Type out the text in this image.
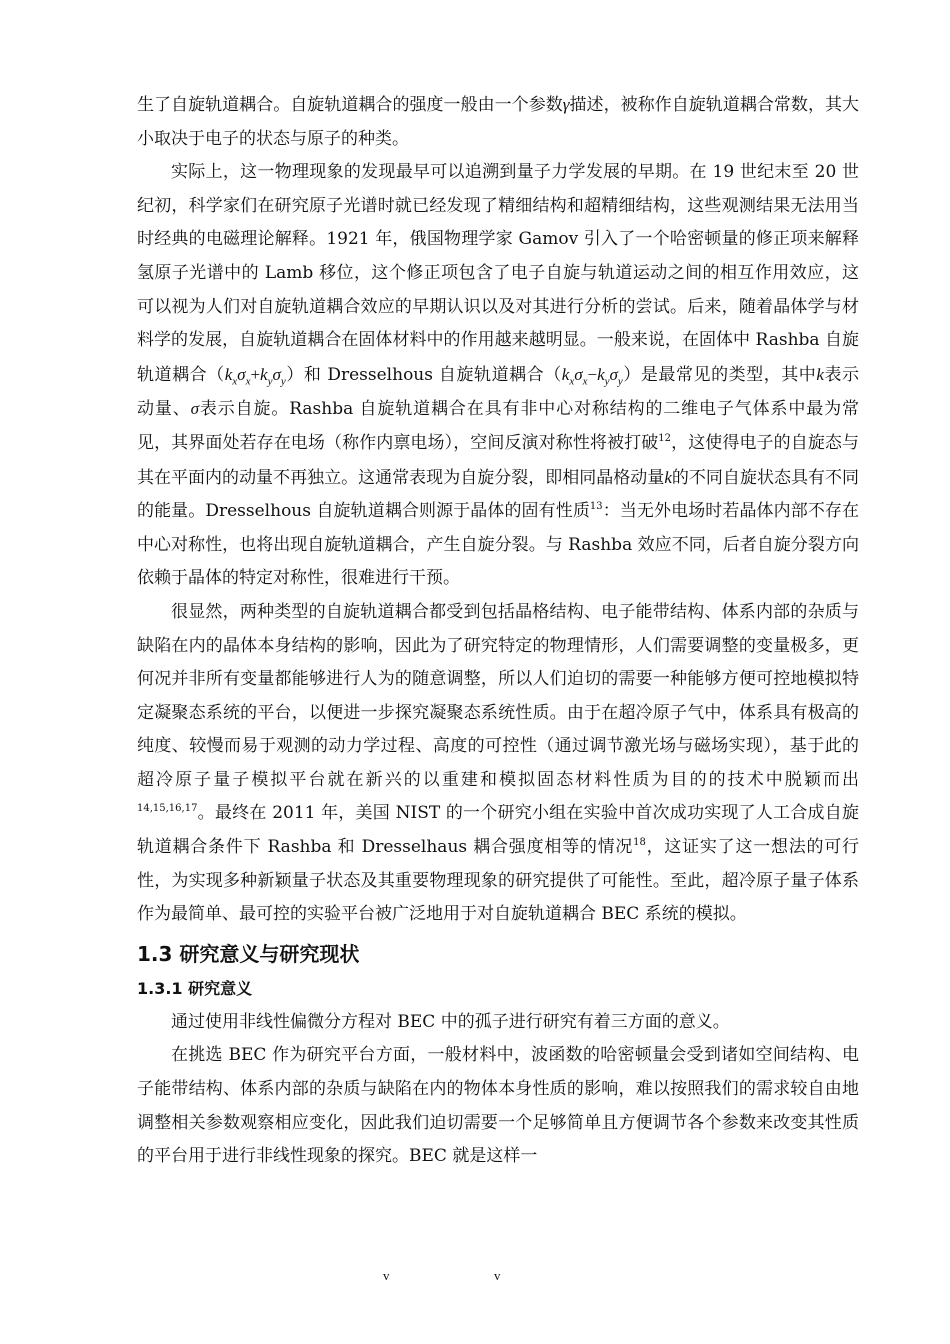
生了自旋轨道耦合。自旋轨道耦合的强度一般由一个参数γ描述，被称作自旋轨道耦合常数，其大小取决于电子的状态与原子的种类。

实际上，这一物理现象的发现最早可以追溯到量子力学发展的早期。在 19 世纪末至 20 世纪初，科学家们在研究原子光谱时就已经发现了精细结构和超精细结构，这些观测结果无法用当时经典的电磁理论解释。1921 年，俄国物理学家 Gamov 引入了一个哈密顿量的修正项来解释氢原子光谱中的 Lamb 移位，这个修正项包含了电子自旋与轨道运动之间的相互作用效应，这可以视为人们对自旋轨道耦合效应的早期认识以及对其进行分析的尝试。后来，随着晶体学与材料学的发展，自旋轨道耦合在固体材料中的作用越来越明显。一般来说，在固体中 Rashba 自旋轨道耦合$(k_x\sigma_x+k_y\sigma_y)$和 Dresselhous 自旋轨道耦合$(k_x\sigma_x-k_y\sigma_y)$是最常见的类型，其中k表示动量、σ表示自旋。Rashba 自旋轨道耦合在具有非中心对称结构的二维电子气体系中最为常见，其界面处若存在电场（称作内禀电场），空间反演对称性将被打破$^{12}$，这使得电子的自旋态与其在平面内的动量不再独立。这通常表现为自旋分裂，即相同晶格动量k的不同自旋状态具有不同的能量。Dresselhous 自旋轨道耦合则源于晶体的固有性质$^{13}$：当无外电场时若晶体内部不存在中心对称性，也将出现自旋轨道耦合，产生自旋分裂。与 Rashba 效应不同，后者自旋分裂方向依赖于晶体的特定对称性，很难进行干预。

很显然，两种类型的自旋轨道耦合都受到包括晶格结构、电子能带结构、体系内部的杂质与缺陷在内的晶体本身结构的影响，因此为了研究特定的物理情形，人们需要调整的变量极多，更何况并非所有变量都能够进行人为的随意调整，所以人们迫切的需要一种能够方便可控地模拟特定凝聚态系统的平台，以便进一步探究凝聚态系统性质。由于在超冷原子气中，体系具有极高的纯度、较慢而易于观测的动力学过程、高度的可控性（通过调节激光场与磁场实现），基于此的超冷原子量子模拟平台就在新兴的以重建和模拟固态材料性质为目的的技术中脱颖而出$^{14,15,16,17}$。最终在 2011 年，美国 NIST 的一个研究小组在实验中首次成功实现了人工合成自旋轨道耦合条件下 Rashba 和 Dresselhaus 耦合强度相等的情况$^{18}$，这证实了这一想法的可行性，为实现多种新颖量子状态及其重要物理现象的研究提供了可能性。至此，超冷原子量子体系作为最简单、最可控的实验平台被广泛地用于对自旋轨道耦合 BEC 系统的模拟。

1.3 研究意义与研究现状
1.3.1 研究意义

通过使用非线性偏微分方程对 BEC 中的孤子进行研究有着三方面的意义。

在挑选 BEC 作为研究平台方面，一般材料中，波函数的哈密顿量会受到诸如空间结构、电子能带结构、体系内部的杂质与缺陷在内的物体本身性质的影响，难以按照我们的需求较自由地调整相关参数观察相应变化，因此我们迫切需要一个足够简单且方便调节各个参数来改变其性质的平台用于进行非线性现象的探究。BEC 就是这样一

v	v
